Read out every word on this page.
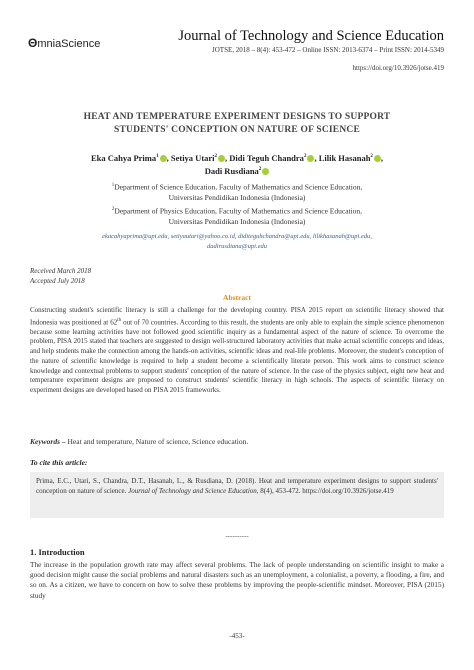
ΘmniaScience	Journal of Technology and Science Education
JOTSE, 2018 – 8(4): 453-472 – Online ISSN: 2013-6374 – Print ISSN: 2014-5349
https://doi.org/10.3926/jotse.419
HEAT AND TEMPERATURE EXPERIMENT DESIGNS TO SUPPORT
STUDENTS' CONCEPTION ON NATURE OF SCIENCE
Eka Cahya Prima$^1$ , Setiya Utari$^2$ , Didi Teguh Chandra$^2$ , Lilik Hasanah$^2$ ,
Dadi Rusdiana$^2$
$^1$Department of Science Education, Faculty of Mathematics and Science Education,
Universitas Pendidikan Indonesia (Indonesia)
$^2$Department of Physics Education, Faculty of Mathematics and Science Education,
Universitas Pendidikan Indonesia (Indonesia)
ekacahyaprima@upi.edu, setiyautari@yahoo.co.id, diditeguhchandra@upi.edu, lilikhasanah@upi.edu,
dadirusdiana@upi.edu
Received March 2018
Accepted July 2018
Abstract
Constructing student's scientific literacy is still a challenge for the developing country. PISA 2015 report on scientific literacy showed that Indonesia was positioned at 62th out of 70 countries. According to this result, the students are only able to explain the simple science phenomenon because some learning activities have not followed good scientific inquiry as a fundamental aspect of the nature of science. To overcome the problem, PISA 2015 stated that teachers are suggested to design well-structured laboratory activities that make actual scientific concepts and ideas, and help students make the connection among the hands-on activities, scientific ideas and real-life problems. Moreover, the student's conception of the nature of scientific knowledge is required to help a student become a scientifically literate person. This work aims to construct science knowledge and contextual problems to support students' conception of the nature of science. In the case of the physics subject, eight new heat and temperature experiment designs are proposed to construct students' scientific literacy in high schools. The aspects of scientific literacy on experiment designs are developed based on PISA 2015 frameworks.
Keywords – Heat and temperature, Nature of science, Science education.
To cite this article:
Prima, E.C., Utari, S., Chandra, D.T., Hasanah, L., & Rusdiana, D. (2018). Heat and temperature experiment designs to support students' conception on nature of science. Journal of Technology and Science Education, 8(4), 453-472. https://doi.org/10.3926/jotse.419
----------
1. Introduction
The increase in the population growth rate may affect several problems. The lack of people understanding on scientific insight to make a good decision might cause the social problems and natural disasters such as an unemployment, a colonialist, a poverty, a flooding, a fire, and so on. As a citizen, we have to concern on how to solve these problems by improving the people-scientific mindset. Moreover, PISA (2015) study
-453-
